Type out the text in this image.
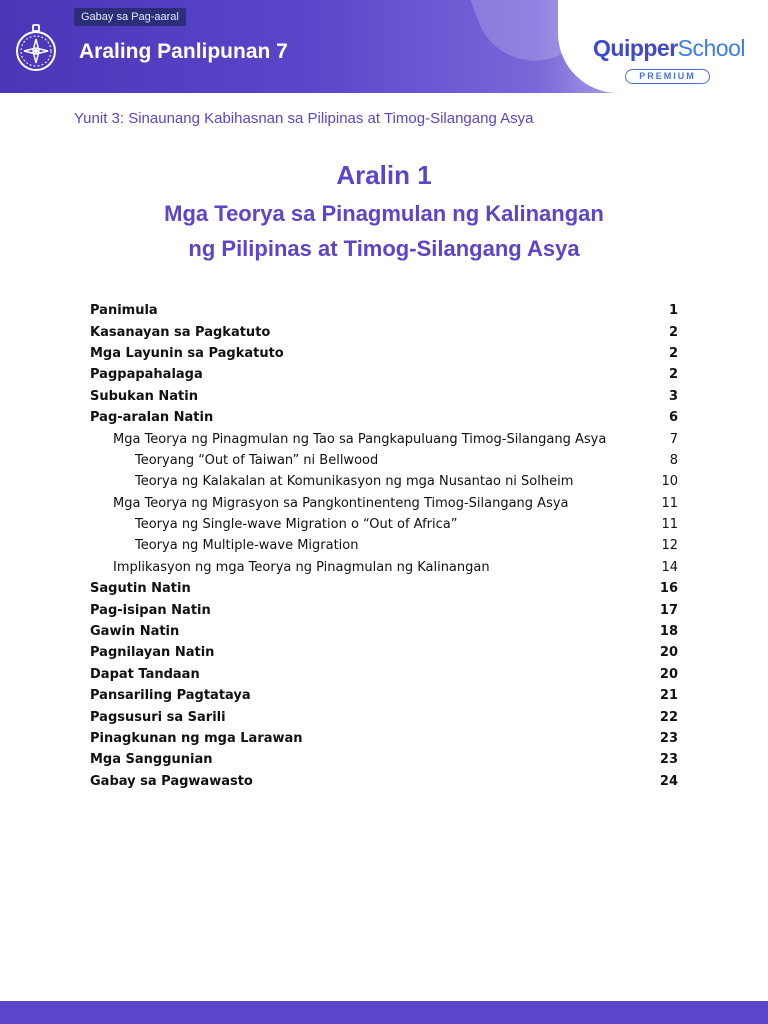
Gabay sa Pag-aaral
Araling Panlipunan 7	QuipperSchool
PREMIUM
Yunit 3: Sinaunang Kabihasnan sa Pilipinas at Timog-Silangang Asya
Aralin 1
Mga Teorya sa Pinagmulan ng Kalinangan
ng Pilipinas at Timog-Silangang Asya
Panimula	1
Kasanayan sa Pagkatuto	2
Mga Layunin sa Pagkatuto	2
Pagpapahalaga	2
Subukan Natin	3
Pag-aralan Natin	6
Mga Teorya ng Pinagmulan ng Tao sa Pangkapuluang Timog-Silangang Asya	7
Teoryang “Out of Taiwan” ni Bellwood	8
Teorya ng Kalakalan at Komunikasyon ng mga Nusantao ni Solheim	10
Mga Teorya ng Migrasyon sa Pangkontinenteng Timog-Silangang Asya	11
Teorya ng Single-wave Migration o “Out of Africa”	11
Teorya ng Multiple-wave Migration	12
Implikasyon ng mga Teorya ng Pinagmulan ng Kalinangan	14
Sagutin Natin	16
Pag-isipan Natin	17
Gawin Natin	18
Pagnilayan Natin	20
Dapat Tandaan	20
Pansariling Pagtataya	21
Pagsusuri sa Sarili	22
Pinagkunan ng mga Larawan	23
Mga Sanggunian	23
Gabay sa Pagwawasto	24
